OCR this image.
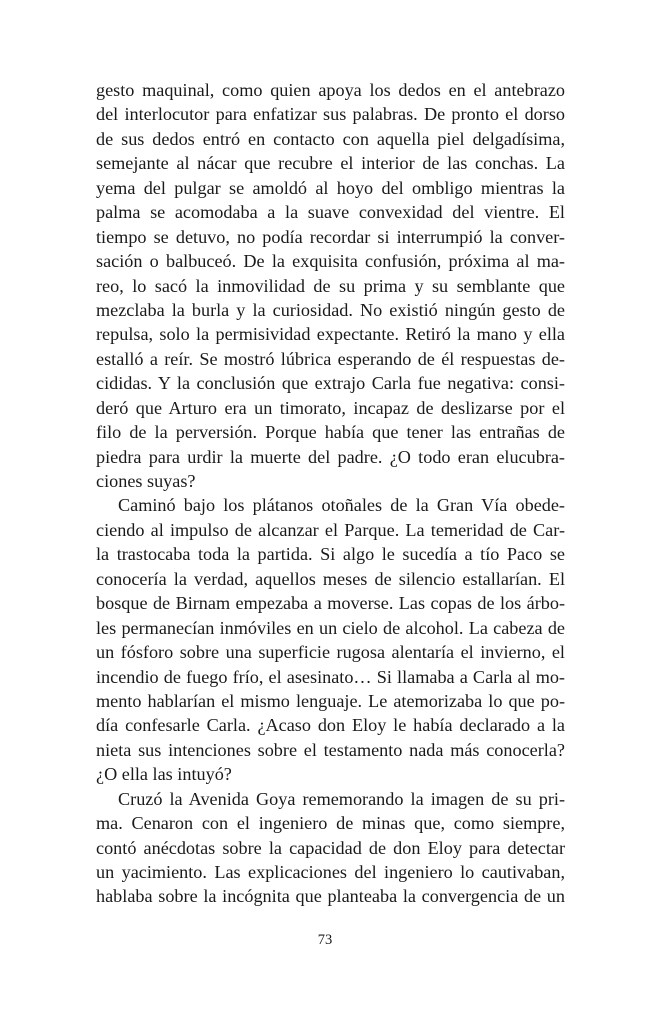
gesto maquinal, como quien apoya los dedos en el antebrazo
del interlocutor para enfatizar sus palabras. De pronto el dorso
de sus dedos entró en contacto con aquella piel delgadísima,
semejante al nácar que recubre el interior de las conchas. La
yema del pulgar se amoldó al hoyo del ombligo mientras la
palma se acomodaba a la suave convexidad del vientre. El
tiempo se detuvo, no podía recordar si interrumpió la conver-
sación o balbuceó. De la exquisita confusión, próxima al ma-
reo, lo sacó la inmovilidad de su prima y su semblante que
mezclaba la burla y la curiosidad. No existió ningún gesto de
repulsa, solo la permisividad expectante. Retiró la mano y ella
estalló a reír. Se mostró lúbrica esperando de él respuestas de-
cididas. Y la conclusión que extrajo Carla fue negativa: consi-
deró que Arturo era un timorato, incapaz de deslizarse por el
filo de la perversión. Porque había que tener las entrañas de
piedra para urdir la muerte del padre. ¿O todo eran elucubra-
ciones suyas?
Caminó bajo los plátanos otoñales de la Gran Vía obede-
ciendo al impulso de alcanzar el Parque. La temeridad de Car-
la trastocaba toda la partida. Si algo le sucedía a tío Paco se
conocería la verdad, aquellos meses de silencio estallarían. El
bosque de Birnam empezaba a moverse. Las copas de los árbo-
les permanecían inmóviles en un cielo de alcohol. La cabeza de
un fósforo sobre una superficie rugosa alentaría el invierno, el
incendio de fuego frío, el asesinato… Si llamaba a Carla al mo-
mento hablarían el mismo lenguaje. Le atemorizaba lo que po-
día confesarle Carla. ¿Acaso don Eloy le había declarado a la
nieta sus intenciones sobre el testamento nada más conocerla?
¿O ella las intuyó?
Cruzó la Avenida Goya rememorando la imagen de su pri-
ma. Cenaron con el ingeniero de minas que, como siempre,
contó anécdotas sobre la capacidad de don Eloy para detectar
un yacimiento. Las explicaciones del ingeniero lo cautivaban,
hablaba sobre la incógnita que planteaba la convergencia de un
73
